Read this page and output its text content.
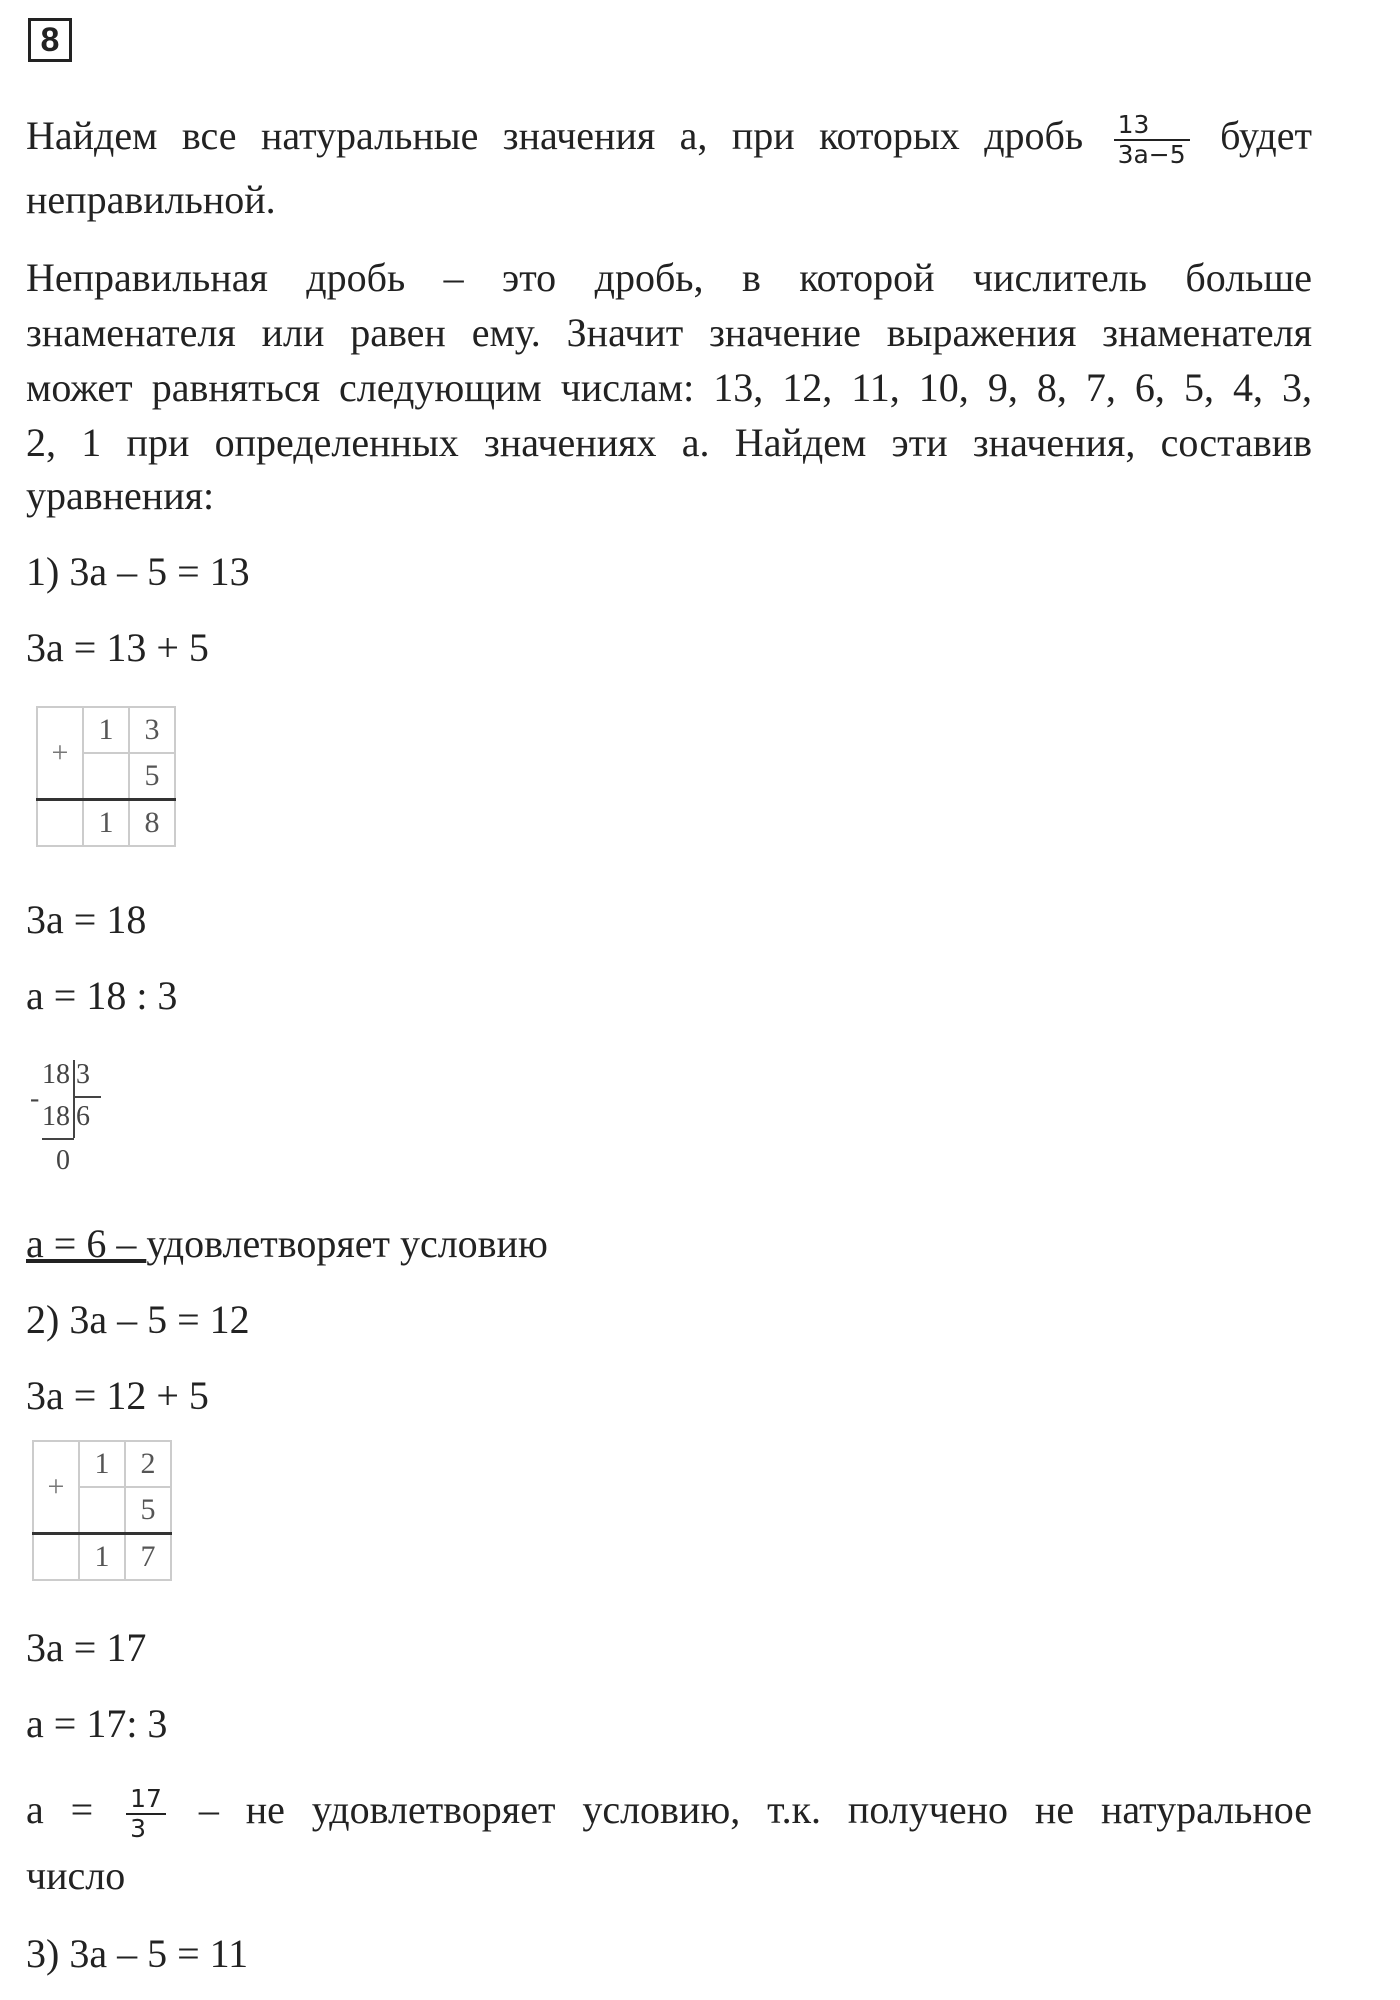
8
Найдем все натуральные значения a, при которых дробь $\frac{13}{3a-5}$ будет
неправильной.
Неправильная дробь – это дробь, в которой числитель больше
знаменателя или равен ему. Значит значение выражения знаменателя
может равняться следующим числам: 13, 12, 11, 10, 9, 8, 7, 6, 5, 4, 3,
2, 1 при определенных значениях a. Найдем эти значения, составив
уравнения:
1) 3a – 5 = 13
3a = 13 + 5
+	1	3
		5
	1	8
3a = 18
a = 18 : 3
-
18
18
3
6
0
a = 6 – удовлетворяет условию
2) 3a – 5 = 12
3a = 12 + 5
+	1	2
		5
	1	7
3a = 17
a = 17: 3
$a = \frac{17}{3}$ – не удовлетворяет условию, т.к. получено не натуральное
число
3) 3a – 5 = 11
